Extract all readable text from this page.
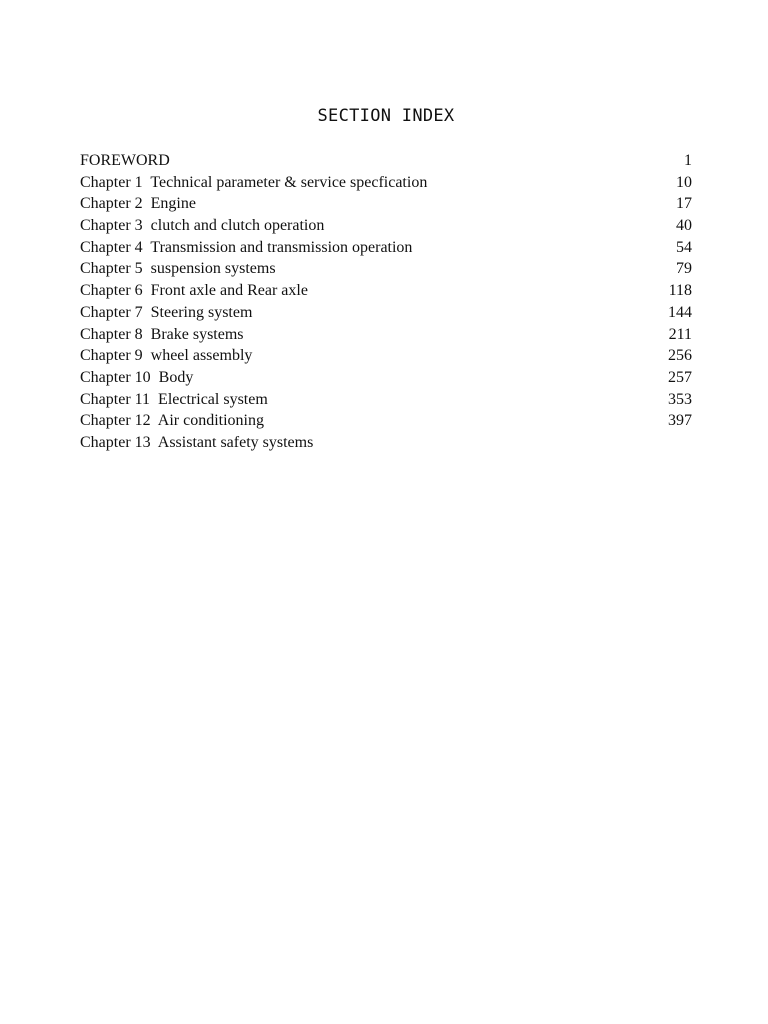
SECTION INDEX
FOREWORD	1
Chapter 1  Technical parameter & service specfication	10
Chapter 2  Engine	17
Chapter 3  clutch and clutch operation	40
Chapter 4  Transmission and transmission operation	54
Chapter 5  suspension systems	79
Chapter 6  Front axle and Rear axle	118
Chapter 7  Steering system	144
Chapter 8  Brake systems	211
Chapter 9  wheel assembly	256
Chapter 10  Body	257
Chapter 11  Electrical system	353
Chapter 12  Air conditioning	397
Chapter 13  Assistant safety systems
